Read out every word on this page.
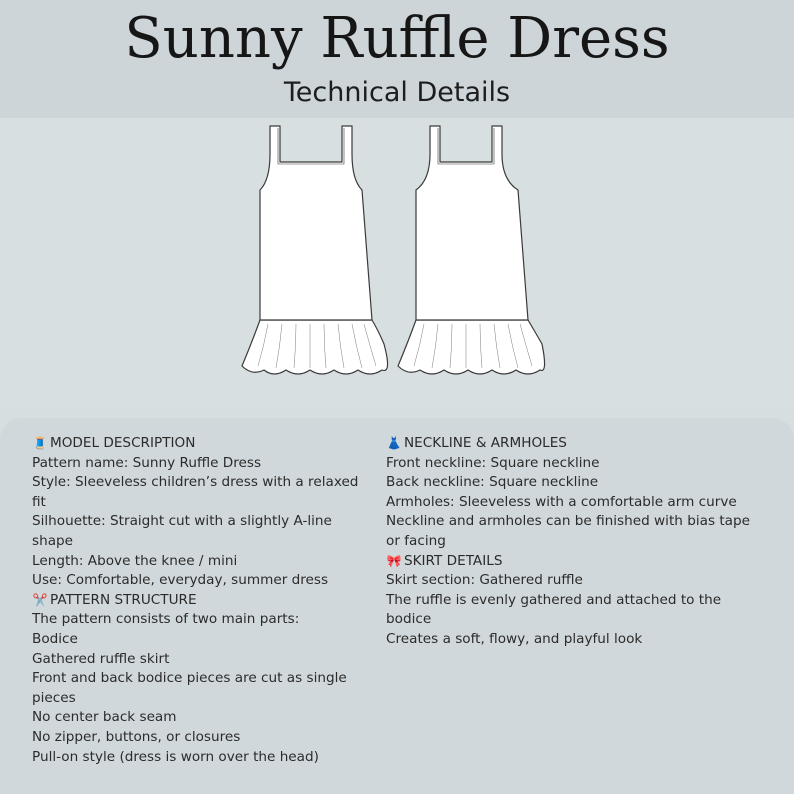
Sunny Ruffle Dress
Technical Details
🧵 MODEL DESCRIPTION
Pattern name: Sunny Ruffle Dress
Style: Sleeveless children’s dress with a relaxed fit
Silhouette: Straight cut with a slightly A-line shape
Length: Above the knee / mini
Use: Comfortable, everyday, summer dress
✂️ PATTERN STRUCTURE
The pattern consists of two main parts:
Bodice
Gathered ruffle skirt
Front and back bodice pieces are cut as single pieces
No center back seam
No zipper, buttons, or closures
Pull-on style (dress is worn over the head)
👗 NECKLINE & ARMHOLES
Front neckline: Square neckline
Back neckline: Square neckline
Armholes: Sleeveless with a comfortable arm curve
Neckline and armholes can be finished with bias tape or facing
🎀 SKIRT DETAILS
Skirt section: Gathered ruffle
The ruffle is evenly gathered and attached to the bodice
Creates a soft, flowy, and playful look
